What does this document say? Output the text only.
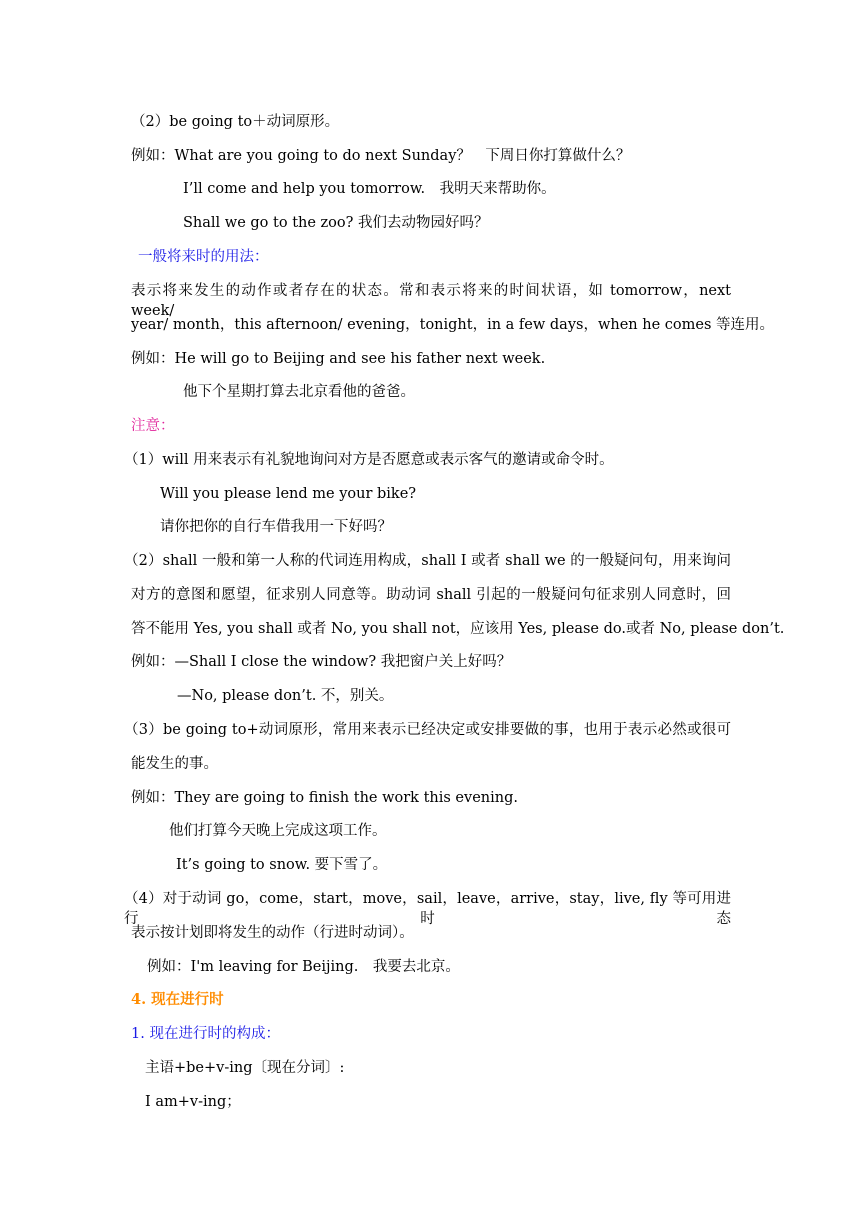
（2）be going to＋动词原形。
例如：What are you going to do next Sunday？　下周日你打算做什么？
I’ll come and help you tomorrow.　我明天来帮助你。
Shall we go to the zoo? 我们去动物园好吗？
一般将来时的用法：
表示将来发生的动作或者存在的状态。常和表示将来的时间状语，如 tomorrow，next week/
year/ month，this afternoon/ evening，tonight，in a few days，when he comes 等连用。
例如：He will go to Beijing and see his father next week.
他下个星期打算去北京看他的爸爸。
注意：
（1）will 用来表示有礼貌地询问对方是否愿意或表示客气的邀请或命令时。
Will you please lend me your bike?
请你把你的自行车借我用一下好吗？
（2）shall 一般和第一人称的代词连用构成，shall I 或者 shall we 的一般疑问句，用来询问
对方的意图和愿望，征求别人同意等。助动词 shall 引起的一般疑问句征求别人同意时，回
答不能用 Yes, you shall 或者 No, you shall not，应该用 Yes, please do.或者 No, please don’t.
例如：—Shall I close the window? 我把窗户关上好吗？
—No, please don’t. 不，别关。
（3）be going to+动词原形，常用来表示已经决定或安排要做的事，也用于表示必然或很可
能发生的事。
例如：They are going to finish the work this evening.
他们打算今天晚上完成这项工作。
It’s going to snow. 要下雪了。
（4）对于动词 go，come，start，move，sail，leave，arrive，stay，live, fly 等可用进行时态
表示按计划即将发生的动作（行进时动词）。
例如：I'm leaving for Beijing.　我要去北京。
4. 现在进行时
1. 现在进行时的构成：
主语+be+v-ing〔现在分词〕:
I am+v-ing；
